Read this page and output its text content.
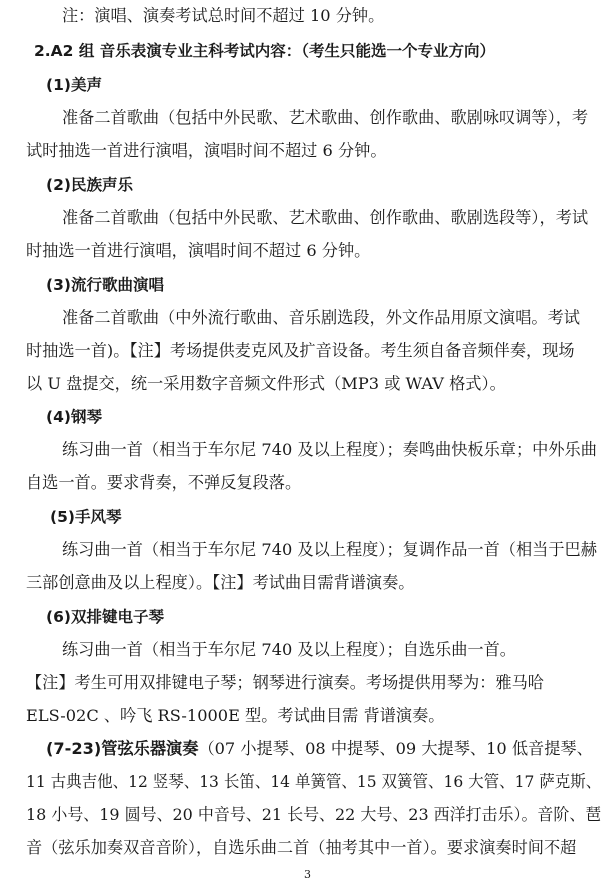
注：演唱、演奏考试总时间不超过 10 分钟。
2.A2 组 音乐表演专业主科考试内容：（考生只能选一个专业方向）
(1)美声
准备二首歌曲（包括中外民歌、艺术歌曲、创作歌曲、歌剧咏叹调等），考
试时抽选一首进行演唱，演唱时间不超过 6 分钟。
(2)民族声乐
准备二首歌曲（包括中外民歌、艺术歌曲、创作歌曲、歌剧选段等），考试
时抽选一首进行演唱，演唱时间不超过 6 分钟。
(3)流行歌曲演唱
准备二首歌曲（中外流行歌曲、音乐剧选段，外文作品用原文演唱。考试
时抽选一首)。【注】考场提供麦克风及扩音设备。考生须自备音频伴奏，现场
以 U 盘提交，统一采用数字音频文件形式（MP3 或 WAV 格式）。
(4)钢琴
练习曲一首（相当于车尔尼 740 及以上程度）；奏鸣曲快板乐章；中外乐曲
自选一首。要求背奏，不弹反复段落。
(5)手风琴
练习曲一首（相当于车尔尼 740 及以上程度）；复调作品一首（相当于巴赫
三部创意曲及以上程度）。【注】考试曲目需背谱演奏。
(6)双排键电子琴
练习曲一首（相当于车尔尼 740 及以上程度）；自选乐曲一首。
【注】考生可用双排键电子琴；钢琴进行演奏。考场提供用琴为：雅马哈
ELS-02C 、吟飞 RS-1000E 型。考试曲目需 背谱演奏。
(7-23)管弦乐器演奏（07 小提琴、08 中提琴、09 大提琴、10 低音提琴、
11 古典吉他、12 竖琴、13 长笛、14 单簧管、15 双簧管、16 大管、17 萨克斯、
18 小号、19 圆号、20 中音号、21 长号、22 大号、23 西洋打击乐）。音阶、琶
音（弦乐加奏双音音阶），自选乐曲二首（抽考其中一首）。要求演奏时间不超
3
